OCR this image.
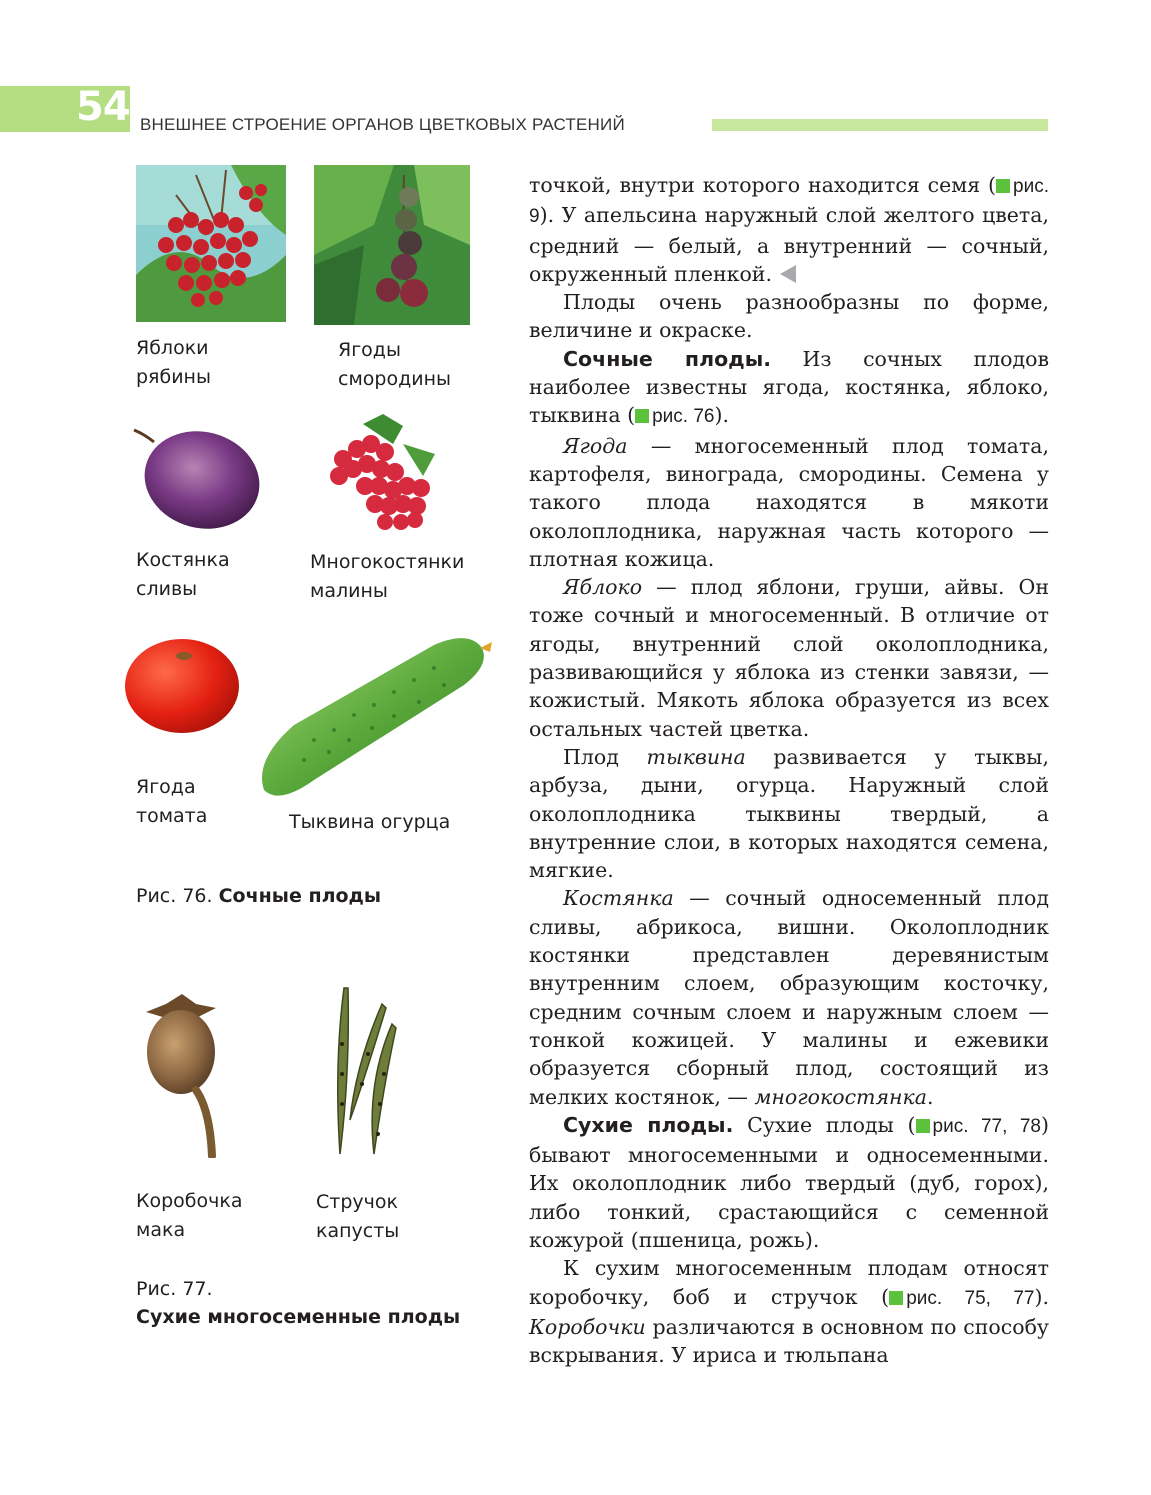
54 ВНЕШНЕЕ СТРОЕНИЕ ОРГАНОВ ЦВЕТКОВЫХ РАСТЕНИЙ
Яблоки
рябины
Ягоды
смородины
Костянка
сливы
Многокостянки
малины
Ягода
томата	Тыквина огурца
Рис. 76. Сочные плоды
Коробочка
мака
Стручок
капусты
Рис. 77.
Сухие многосеменные плоды

точкой, внутри которого находится семя ( рис. 9). У апельсина наружный слой желтого цвета, средний — белый, а внутренний — сочный, окруженный пленкой.

Плоды очень разнообразны по форме, величине и окраске.

Сочные плоды. Из сочных плодов наиболее известны ягода, костянка, яблоко, тыквина ( рис. 76).

Ягода — многосеменный плод томата, картофеля, винограда, смородины. Семена у такого плода находятся в мякоти околоплодника, наружная часть которого — плотная кожица.

Яблоко — плод яблони, груши, айвы. Он тоже сочный и многосеменный. В отличие от ягоды, внутренний слой околоплодника, развивающийся у яблока из стенки завязи, — кожистый. Мякоть яблока образуется из всех остальных частей цветка.

Плод тыквина развивается у тыквы, арбуза, дыни, огурца. Наружный слой околоплодника тыквины твердый, а внутренние слои, в которых находятся семена, мягкие.

Костянка — сочный односеменный плод сливы, абрикоса, вишни. Околоплодник костянки представлен деревянистым внутренним слоем, образующим косточку, средним сочным слоем и наружным слоем — тонкой кожицей. У малины и ежевики образуется сборный плод, состоящий из мелких костянок, — многокостянка.

Сухие плоды. Сухие плоды ( рис. 77, 78) бывают многосеменными и односеменными. Их околоплодник либо твердый (дуб, горох), либо тонкий, срастающийся с семенной кожурой (пшеница, рожь).

К сухим многосеменным плодам относят коробочку, боб и стручок ( рис. 75, 77). Коробочки различаются в основном по способу вскрывания. У ириса и тюльпана
